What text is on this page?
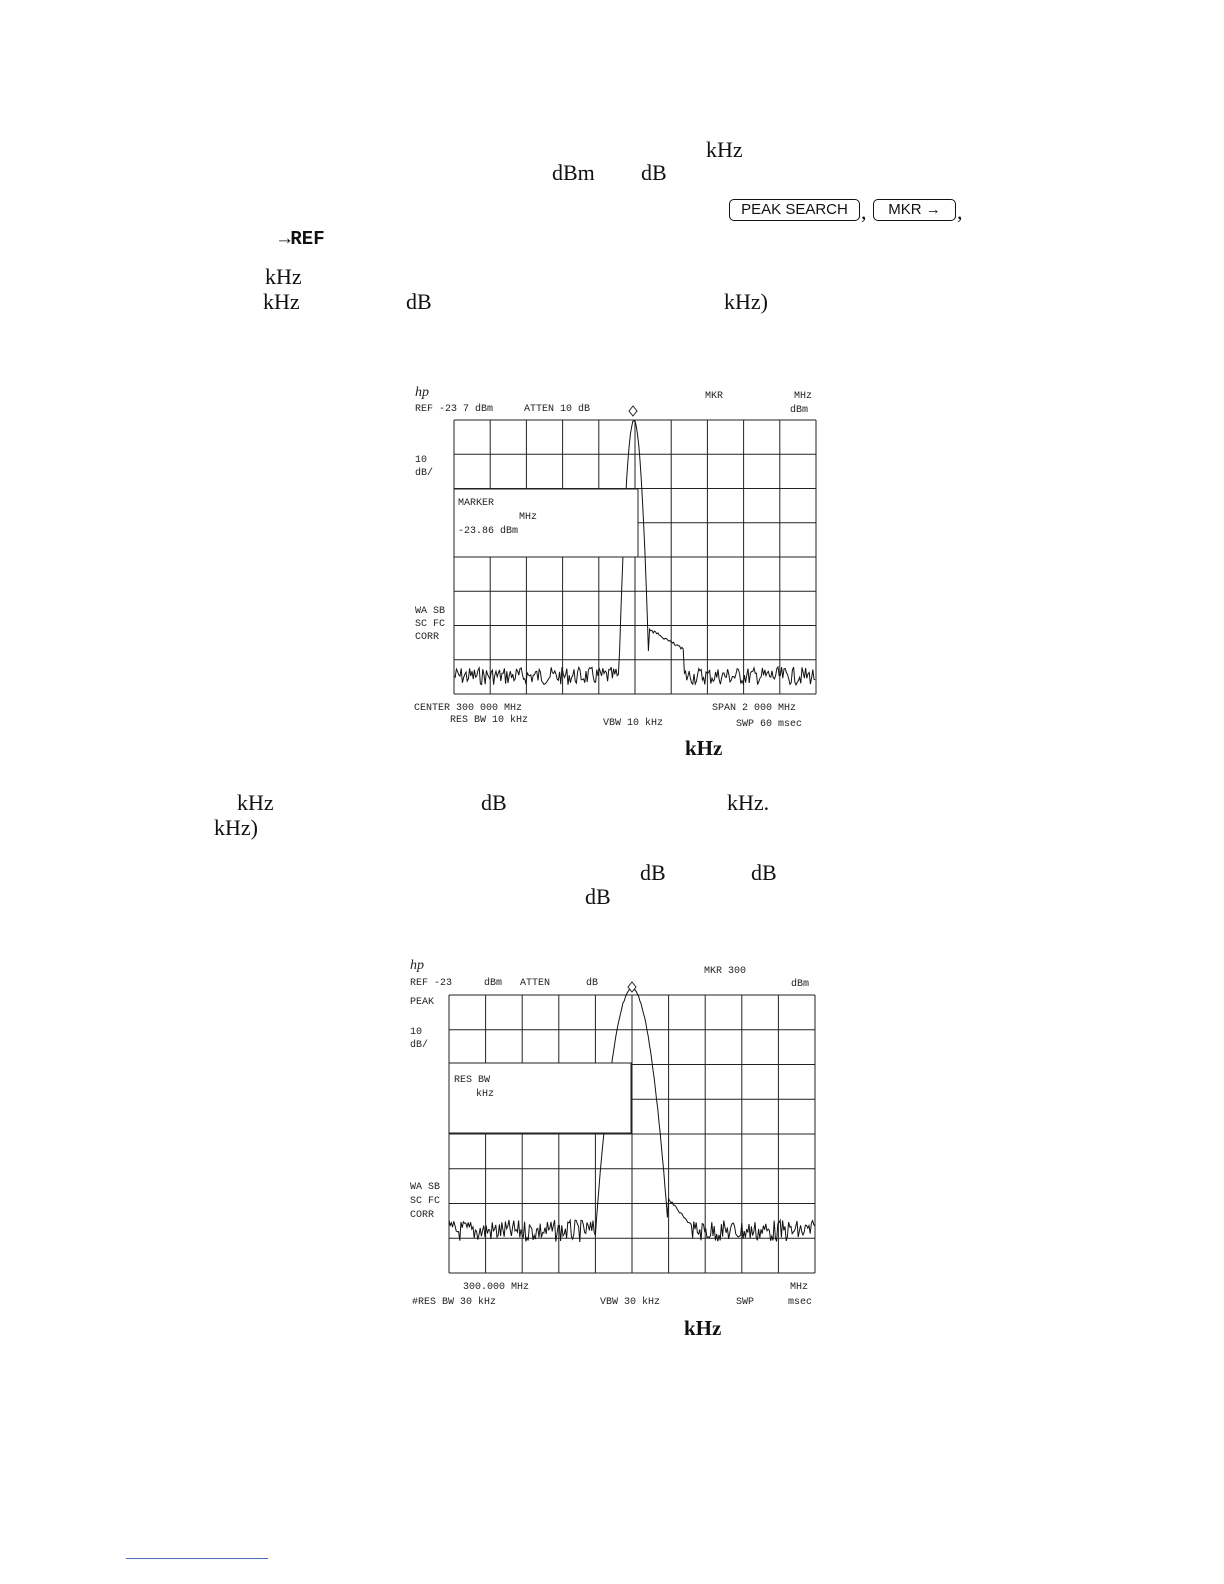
kHz
dBm dB
PEAK SEARCH ,	MKR → ,
→REF
kHz
kHz	dB	kHz)
hp
REF -23 7 dBm	ATTEN 10 dB
MKR	MHz
dBm
10
dB/
WA SB
SC FC
CORR
MARKER
MHz
-23.86 dBm
CENTER 300 000 MHz
RES BW 10 kHz	VBW 10 kHz
SPAN 2 000 MHz
SWP 60 msec
kHz
kHz	dB	kHz.
kHz)
dB	dB
dB
hp
REF -23	dBm ATTEN	dB
MKR 300
dBm
PEAK
10
dB/
WA SB
SC FC
CORR
RES BW
kHz
300.000 MHz
#RES BW 30 kHz	VBW 30 kHz
MHz
SWP	msec
kHz
